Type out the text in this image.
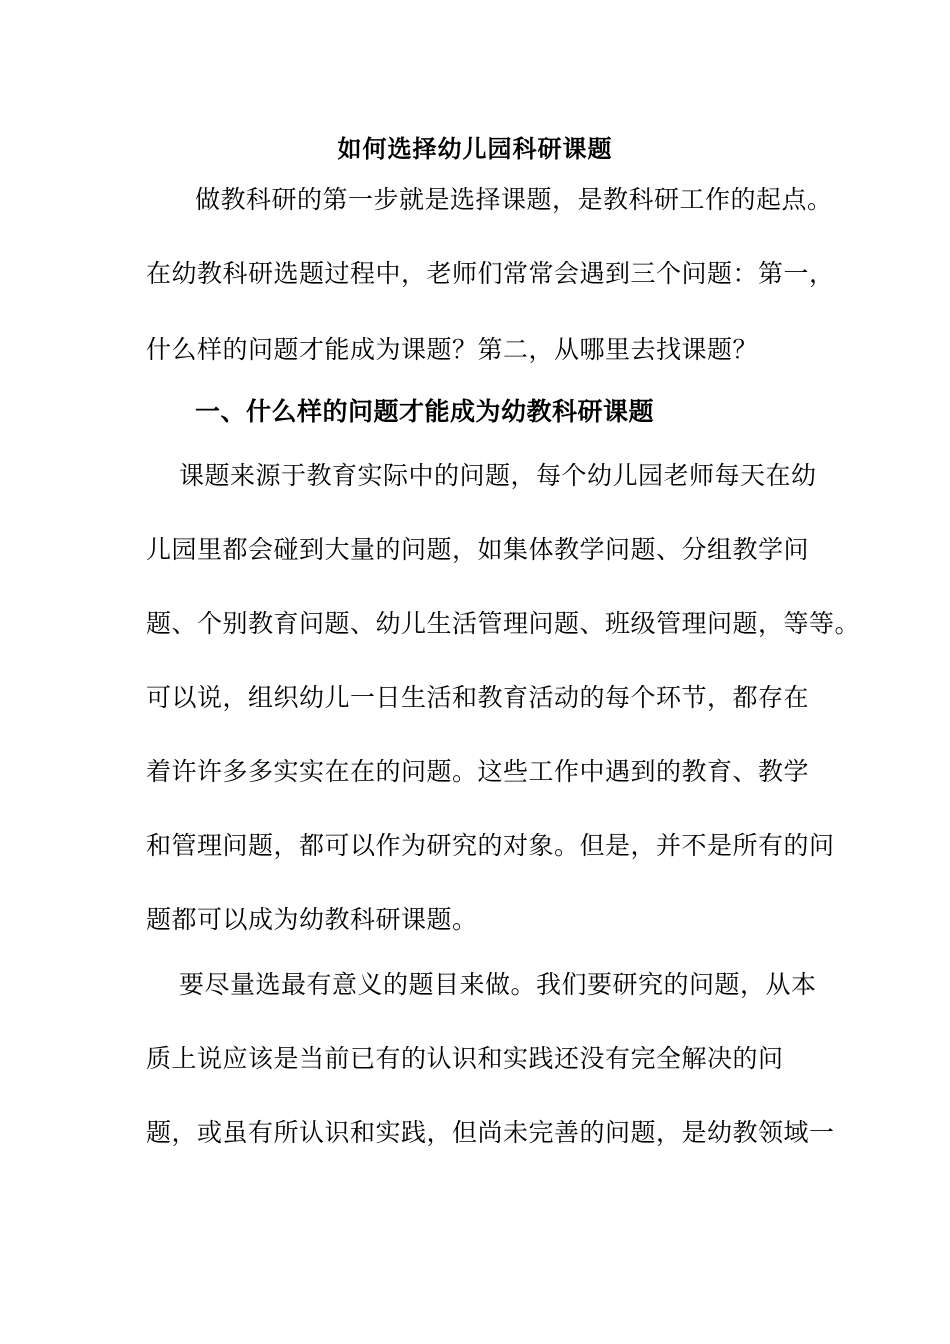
如何选择幼儿园科研课题
做教科研的第一步就是选择课题，是教科研工作的起点。
在幼教科研选题过程中，老师们常常会遇到三个问题：第一，
什么样的问题才能成为课题？第二，从哪里去找课题？
一、什么样的问题才能成为幼教科研课题
课题来源于教育实际中的问题，每个幼儿园老师每天在幼
儿园里都会碰到大量的问题，如集体教学问题、分组教学问
题、个别教育问题、幼儿生活管理问题、班级管理问题，等等。
可以说，组织幼儿一日生活和教育活动的每个环节，都存在
着许许多多实实在在的问题。这些工作中遇到的教育、教学
和管理问题，都可以作为研究的对象。但是，并不是所有的问
题都可以成为幼教科研课题。
要尽量选最有意义的题目来做。我们要研究的问题，从本
质上说应该是当前已有的认识和实践还没有完全解决的问
题，或虽有所认识和实践，但尚未完善的问题，是幼教领域一
